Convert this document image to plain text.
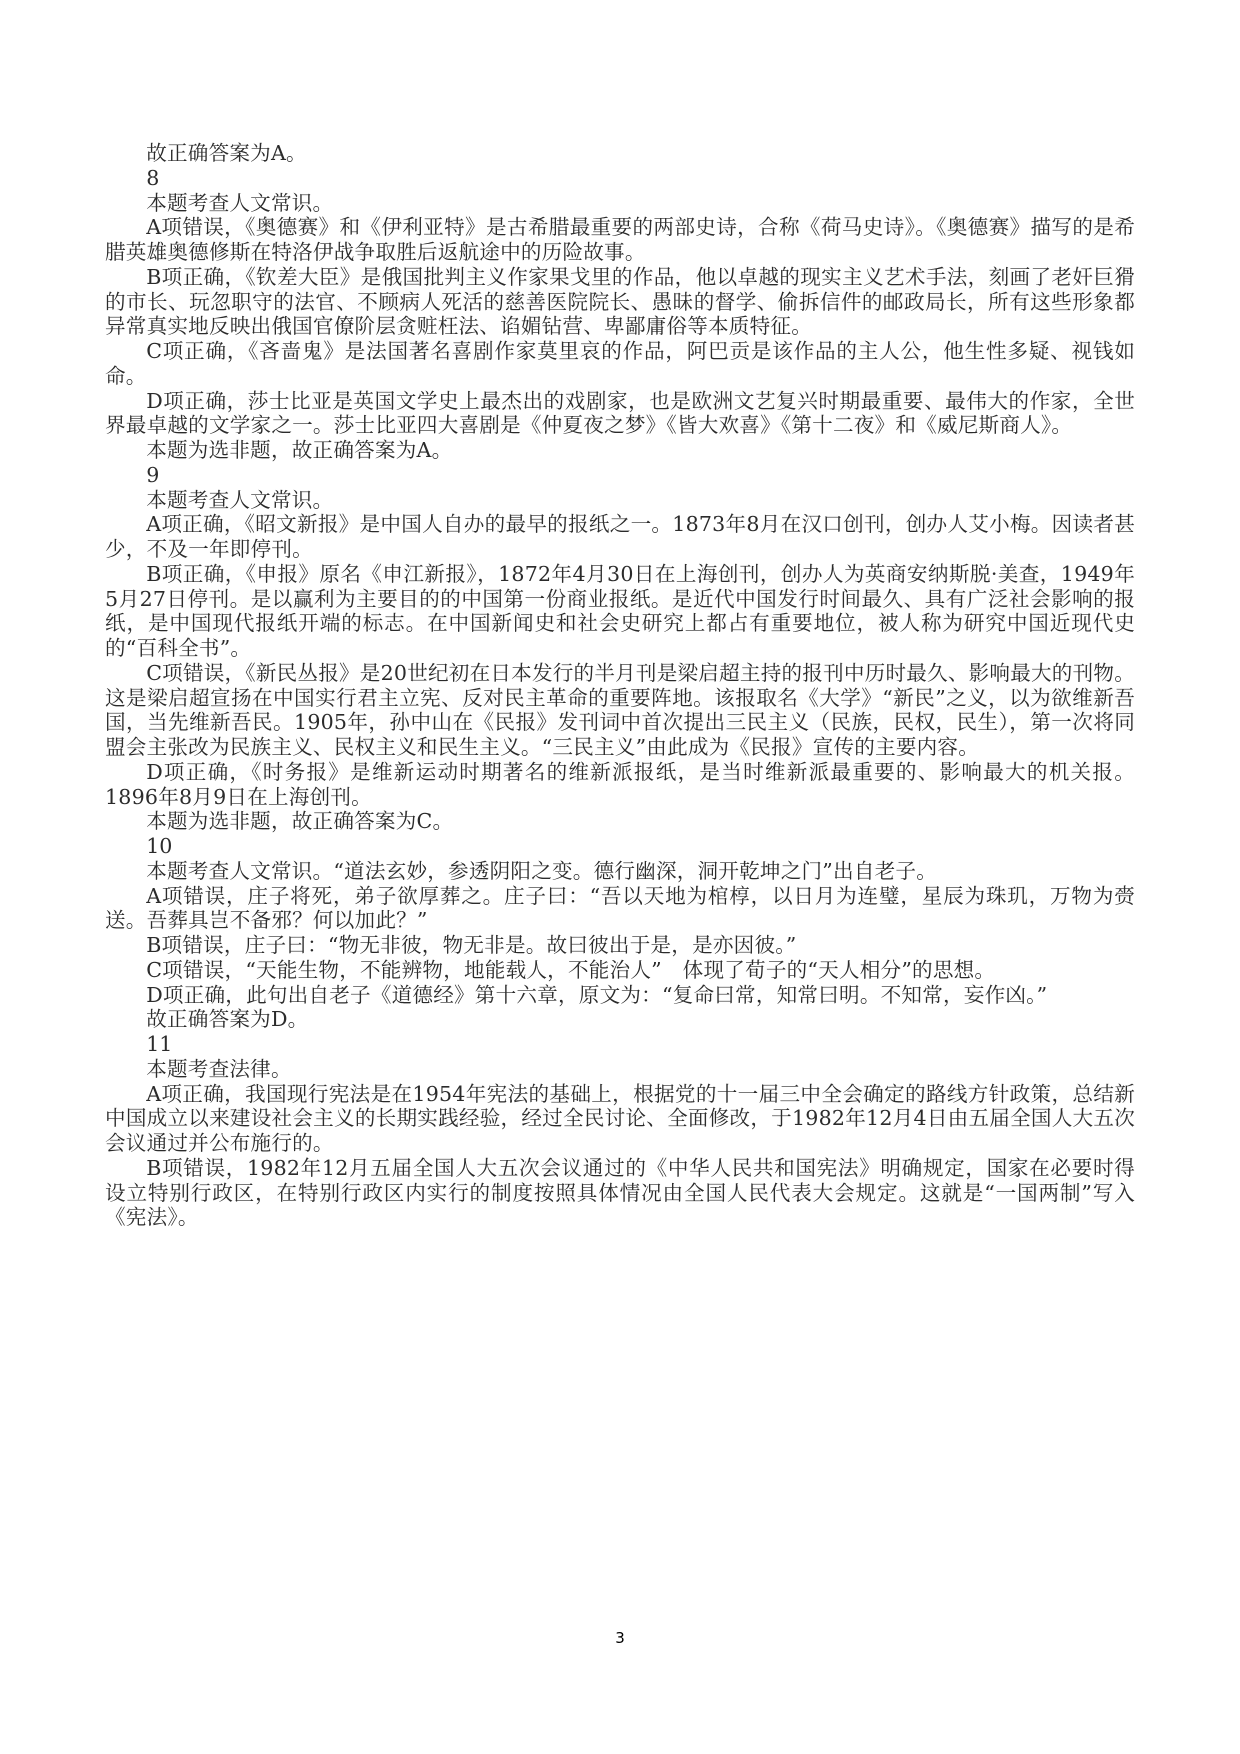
故正确答案为A。

8

本题考查人文常识。

A项错误，《奥德赛》和《伊利亚特》是古希腊最重要的两部史诗，合称《荷马史诗》。《奥德赛》描写的是希腊英雄奥德修斯在特洛伊战争取胜后返航途中的历险故事。

B项正确，《钦差大臣》是俄国批判主义作家果戈里的作品，他以卓越的现实主义艺术手法，刻画了老奸巨猾的市长、玩忽职守的法官、不顾病人死活的慈善医院院长、愚昧的督学、偷拆信件的邮政局长，所有这些形象都异常真实地反映出俄国官僚阶层贪赃枉法、谄媚钻营、卑鄙庸俗等本质特征。

C项正确，《吝啬鬼》是法国著名喜剧作家莫里哀的作品，阿巴贡是该作品的主人公，他生性多疑、视钱如命。

D项正确，莎士比亚是英国文学史上最杰出的戏剧家，也是欧洲文艺复兴时期最重要、最伟大的作家，全世界最卓越的文学家之一。莎士比亚四大喜剧是《仲夏夜之梦》《皆大欢喜》《第十二夜》和《威尼斯商人》。

本题为选非题，故正确答案为A。

9

本题考查人文常识。

A项正确，《昭文新报》是中国人自办的最早的报纸之一。1873年8月在汉口创刊，创办人艾小梅。因读者甚少，不及一年即停刊。

B项正确，《申报》原名《申江新报》，1872年4月30日在上海创刊，创办人为英商安纳斯脱·美查，1949年5月27日停刊。是以赢利为主要目的的中国第一份商业报纸。是近代中国发行时间最久、具有广泛社会影响的报纸，是中国现代报纸开端的标志。在中国新闻史和社会史研究上都占有重要地位，被人称为研究中国近现代史的“百科全书”。

C项错误，《新民丛报》是20世纪初在日本发行的半月刊是梁启超主持的报刊中历时最久、影响最大的刊物。这是梁启超宣扬在中国实行君主立宪、反对民主革命的重要阵地。该报取名《大学》“新民”之义，以为欲维新吾国，当先维新吾民。1905年，孙中山在《民报》发刊词中首次提出三民主义（民族，民权，民生），第一次将同盟会主张改为民族主义、民权主义和民生主义。“三民主义”由此成为《民报》宣传的主要内容。

D项正确，《时务报》是维新运动时期著名的维新派报纸，是当时维新派最重要的、影响最大的机关报。1896年8月9日在上海创刊。

本题为选非题，故正确答案为C。

10

本题考查人文常识。“道法玄妙，参透阴阳之变。德行幽深，洞开乾坤之门”出自老子。

A项错误，庄子将死，弟子欲厚葬之。庄子曰：“吾以天地为棺椁，以日月为连璧，星辰为珠玑，万物为赍送。吾葬具岂不备邪？何以加此？”

B项错误，庄子曰：“物无非彼，物无非是。故曰彼出于是，是亦因彼。”

C项错误，“天能生物，不能辨物，地能载人，不能治人”　体现了荀子的“天人相分”的思想。

D项正确，此句出自老子《道德经》第十六章，原文为：“复命曰常，知常曰明。不知常，妄作凶。”

故正确答案为D。

11

本题考查法律。

A项正确，我国现行宪法是在1954年宪法的基础上，根据党的十一届三中全会确定的路线方针政策，总结新中国成立以来建设社会主义的长期实践经验，经过全民讨论、全面修改，于1982年12月4日由五届全国人大五次会议通过并公布施行的。

B项错误，1982年12月五届全国人大五次会议通过的《中华人民共和国宪法》明确规定，国家在必要时得设立特别行政区，在特别行政区内实行的制度按照具体情况由全国人民代表大会规定。这就是“一国两制”写入《宪法》。

3
